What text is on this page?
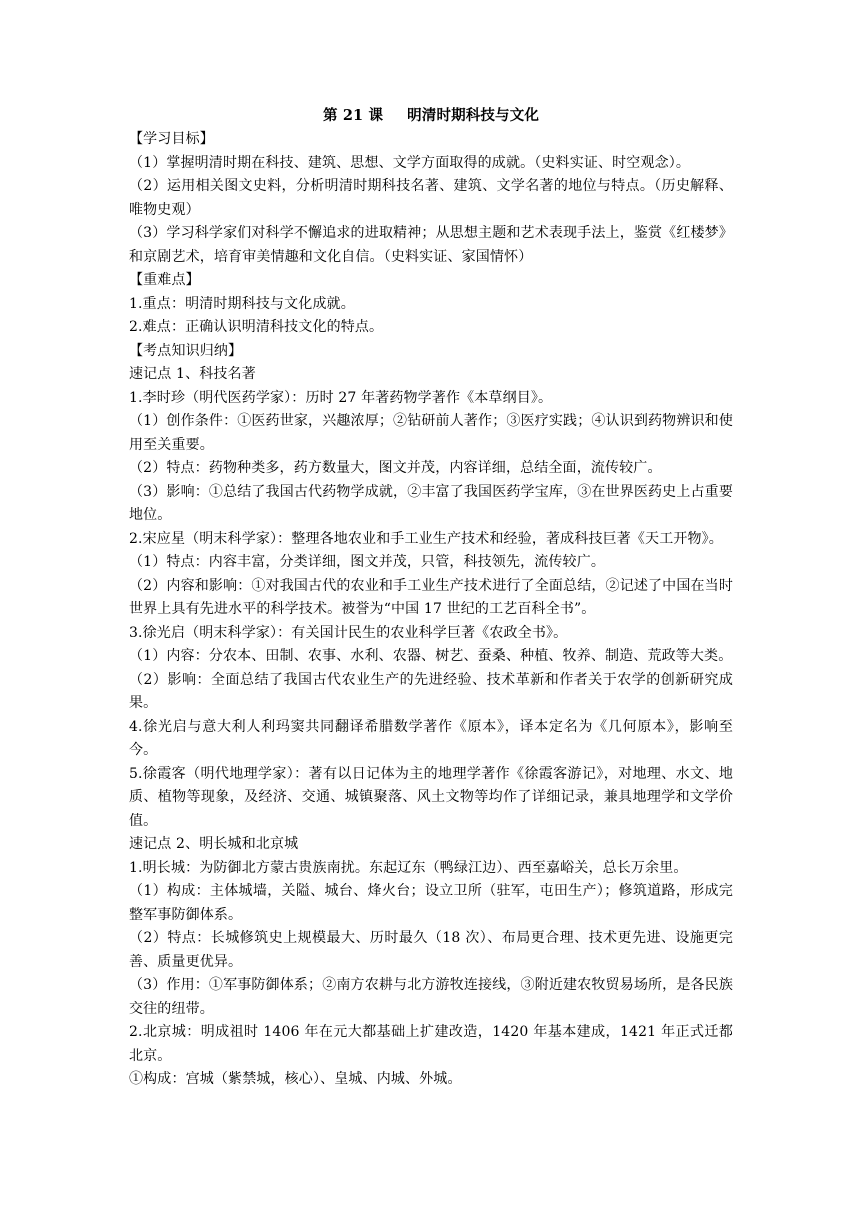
第 21 课 明清时期科技与文化

【学习目标】

（1）掌握明清时期在科技、建筑、思想、文学方面取得的成就。（史料实证、时空观念）。

（2）运用相关图文史料，分析明清时期科技名著、建筑、文学名著的地位与特点。（历史解释、唯物史观）

（3）学习科学家们对科学不懈追求的进取精神；从思想主题和艺术表现手法上，鉴赏《红楼梦》和京剧艺术，培育审美情趣和文化自信。（史料实证、家国情怀）

【重难点】

1.重点：明清时期科技与文化成就。

2.难点：正确认识明清科技文化的特点。

【考点知识归纳】

速记点 1、科技名著

1.李时珍（明代医药学家）：历时 27 年著药物学著作《本草纲目》。

（1）创作条件：①医药世家，兴趣浓厚；②钻研前人著作；③医疗实践；④认识到药物辨识和使用至关重要。

（2）特点：药物种类多，药方数量大，图文并茂，内容详细，总结全面，流传较广。

（3）影响：①总结了我国古代药物学成就，②丰富了我国医药学宝库，③在世界医药史上占重要地位。

2.宋应星（明末科学家）：整理各地农业和手工业生产技术和经验，著成科技巨著《天工开物》。

（1）特点：内容丰富，分类详细，图文并茂，只管，科技领先，流传较广。

（2）内容和影响：①对我国古代的农业和手工业生产技术进行了全面总结，②记述了中国在当时世界上具有先进水平的科学技术。被誉为“中国 17 世纪的工艺百科全书”。

3.徐光启（明末科学家）：有关国计民生的农业科学巨著《农政全书》。

（1）内容：分农本、田制、农事、水利、农器、树艺、蚕桑、种植、牧养、制造、荒政等大类。

（2）影响：全面总结了我国古代农业生产的先进经验、技术革新和作者关于农学的创新研究成果。

4.徐光启与意大利人利玛窦共同翻译希腊数学著作《原本》，译本定名为《几何原本》，影响至今。

5.徐霞客（明代地理学家）：著有以日记体为主的地理学著作《徐霞客游记》，对地理、水文、地质、植物等现象，及经济、交通、城镇聚落、风土文物等均作了详细记录，兼具地理学和文学价值。

速记点 2、明长城和北京城

1.明长城：为防御北方蒙古贵族南扰。东起辽东（鸭绿江边）、西至嘉峪关，总长万余里。

（1）构成：主体城墙，关隘、城台、烽火台；设立卫所（驻军，屯田生产）；修筑道路，形成完整军事防御体系。

（2）特点：长城修筑史上规模最大、历时最久（18 次）、布局更合理、技术更先进、设施更完善、质量更优异。

（3）作用：①军事防御体系；②南方农耕与北方游牧连接线，③附近建农牧贸易场所，是各民族交往的纽带。

2.北京城：明成祖时 1406 年在元大都基础上扩建改造，1420 年基本建成，1421 年正式迁都北京。

①构成：宫城（紫禁城，核心）、皇城、内城、外城。
